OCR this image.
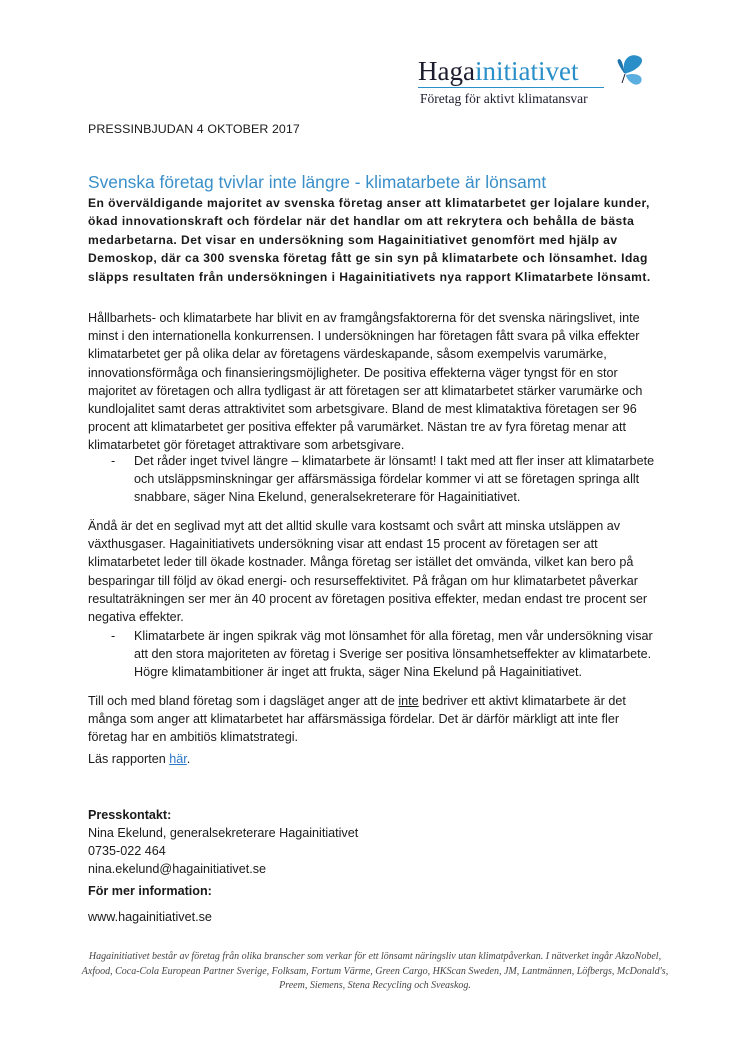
Hagainitiativet
Företag för aktivt klimatansvar
PRESSINBJUDAN 4 OKTOBER 2017
Svenska företag tvivlar inte längre - klimatarbete är lönsamt
En överväldigande majoritet av svenska företag anser att klimatarbetet ger lojalare kunder, ökad innovationskraft och fördelar när det handlar om att rekrytera och behålla de bästa medarbetarna. Det visar en undersökning som Hagainitiativet genomfört med hjälp av Demoskop, där ca 300 svenska företag fått ge sin syn på klimatarbete och lönsamhet. Idag släpps resultaten från undersökningen i Hagainitiativets nya rapport Klimatarbete lönsamt.
Hållbarhets- och klimatarbete har blivit en av framgångsfaktorerna för det svenska näringslivet, inte minst i den internationella konkurrensen. I undersökningen har företagen fått svara på vilka effekter klimatarbetet ger på olika delar av företagens värdeskapande, såsom exempelvis varumärke, innovationsförmåga och finansieringsmöjligheter. De positiva effekterna väger tyngst för en stor majoritet av företagen och allra tydligast är att företagen ser att klimatarbetet stärker varumärke och kundlojalitet samt deras attraktivitet som arbetsgivare. Bland de mest klimataktiva företagen ser 96 procent att klimatarbetet ger positiva effekter på varumärket. Nästan tre av fyra företag menar att klimatarbetet gör företaget attraktivare som arbetsgivare.
- Det råder inget tvivel längre – klimatarbete är lönsamt! I takt med att fler inser att klimatarbete och utsläppsminskningar ger affärsmässiga fördelar kommer vi att se företagen springa allt snabbare, säger Nina Ekelund, generalsekreterare för Hagainitiativet.
Ändå är det en seglivad myt att det alltid skulle vara kostsamt och svårt att minska utsläppen av växthusgaser. Hagainitiativets undersökning visar att endast 15 procent av företagen ser att klimatarbetet leder till ökade kostnader. Många företag ser istället det omvända, vilket kan bero på besparingar till följd av ökad energi- och resurseffektivitet. På frågan om hur klimatarbetet påverkar resultaträkningen ser mer än 40 procent av företagen positiva effekter, medan endast tre procent ser negativa effekter.
- Klimatarbete är ingen spikrak väg mot lönsamhet för alla företag, men vår undersökning visar att den stora majoriteten av företag i Sverige ser positiva lönsamhetseffekter av klimatarbete. Högre klimatambitioner är inget att frukta, säger Nina Ekelund på Hagainitiativet.
Till och med bland företag som i dagsläget anger att de inte bedriver ett aktivt klimatarbete är det många som anger att klimatarbetet har affärsmässiga fördelar. Det är därför märkligt att inte fler företag har en ambitiös klimatstrategi.
Läs rapporten här.
Presskontakt:
Nina Ekelund, generalsekreterare Hagainitiativet
0735-022 464
nina.ekelund@hagainitiativet.se
För mer information:
www.hagainitiativet.se
Hagainitiativet består av företag från olika branscher som verkar för ett lönsamt näringsliv utan klimatpåverkan. I nätverket ingår AkzoNobel, Axfood, Coca-Cola European Partner Sverige, Folksam, Fortum Värme, Green Cargo, HKScan Sweden, JM, Lantmännen, Löfbergs, McDonald's, Preem, Siemens, Stena Recycling och Sveaskog.
